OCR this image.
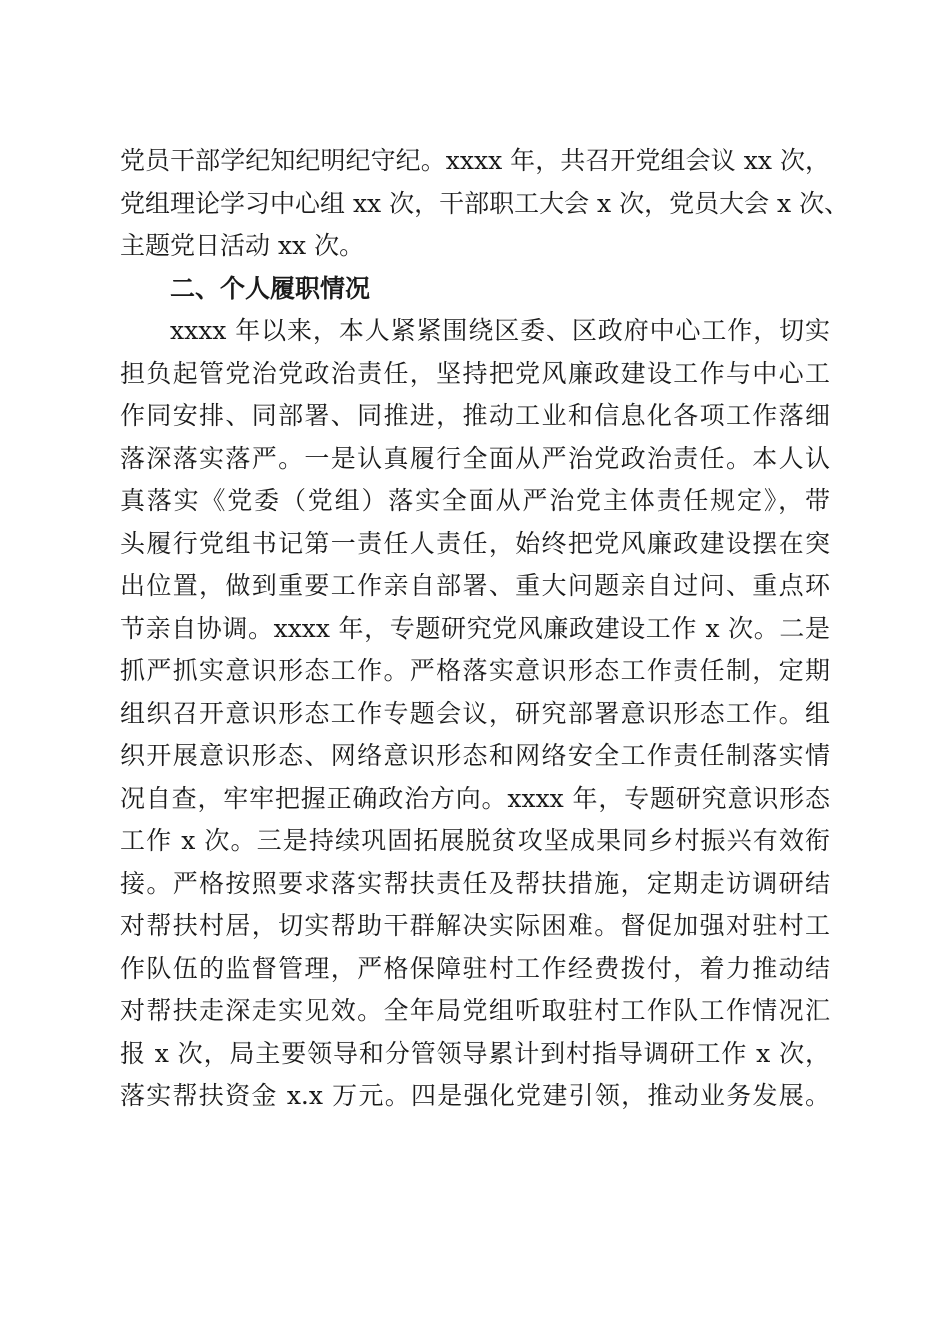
党员干部学纪知纪明纪守纪。xxxx 年，共召开党组会议 xx 次，
党组理论学习中心组 xx 次，干部职工大会 x 次，党员大会 x 次、
主题党日活动 xx 次。
二、个人履职情况
xxxx 年以来，本人紧紧围绕区委、区政府中心工作，切实
担负起管党治党政治责任，坚持把党风廉政建设工作与中心工
作同安排、同部署、同推进，推动工业和信息化各项工作落细
落深落实落严。一是认真履行全面从严治党政治责任。本人认
真落实《党委（党组）落实全面从严治党主体责任规定》，带
头履行党组书记第一责任人责任，始终把党风廉政建设摆在突
出位置，做到重要工作亲自部署、重大问题亲自过问、重点环
节亲自协调。xxxx 年，专题研究党风廉政建设工作 x 次。二是
抓严抓实意识形态工作。严格落实意识形态工作责任制，定期
组织召开意识形态工作专题会议，研究部署意识形态工作。组
织开展意识形态、网络意识形态和网络安全工作责任制落实情
况自查，牢牢把握正确政治方向。xxxx 年，专题研究意识形态
工作 x 次。三是持续巩固拓展脱贫攻坚成果同乡村振兴有效衔
接。严格按照要求落实帮扶责任及帮扶措施，定期走访调研结
对帮扶村居，切实帮助干群解决实际困难。督促加强对驻村工
作队伍的监督管理，严格保障驻村工作经费拨付，着力推动结
对帮扶走深走实见效。全年局党组听取驻村工作队工作情况汇
报 x 次，局主要领导和分管领导累计到村指导调研工作 x 次，
落实帮扶资金 x.x 万元。四是强化党建引领，推动业务发展。
